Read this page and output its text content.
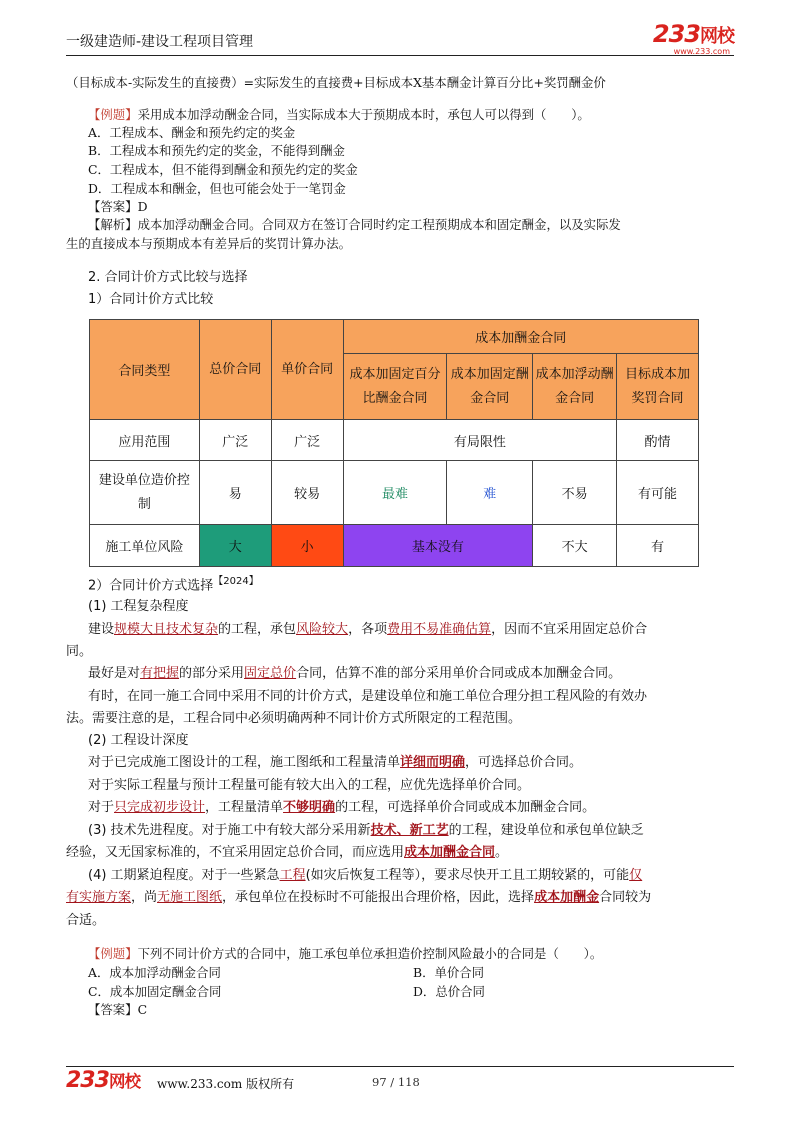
一级建造师-建设工程项目管理	233网校
www.233.com
（目标成本-实际发生的直接费）=实际发生的直接费+目标成本X基本酬金计算百分比+奖罚酬金价
【例题】采用成本加浮动酬金合同，当实际成本大于预期成本时，承包人可以得到（　　）。
A．工程成本、酬金和预先约定的奖金
B．工程成本和预先约定的奖金，不能得到酬金
C．工程成本，但不能得到酬金和预先约定的奖金
D．工程成本和酬金，但也可能会处于一笔罚金
【答案】D
【解析】成本加浮动酬金合同。合同双方在签订合同时约定工程预期成本和固定酬金，以及实际发
生的直接成本与预期成本有差异后的奖罚计算办法。
2. 合同计价方式比较与选择
1）合同计价方式比较
合同类型	总价合同	单价合同	成本加酬金合同			
			成本加固定百分比酬金合同	成本加固定酬金合同	成本加浮动酬金合同	目标成本加奖罚合同
应用范围	广泛	广泛	有局限性			酌情
建设单位造价控制	易	较易	最难	难	不易	有可能
施工单位风险	大	小	基本没有		不大	有
2）合同计价方式选择$^{【2024】}$
(1) 工程复杂程度
建设规模大且技术复杂的工程，承包风险较大，各项费用不易准确估算，因而不宜采用固定总价合
同。
最好是对有把握的部分采用固定总价合同，估算不准的部分采用单价合同或成本加酬金合同。
有时，在同一施工合同中采用不同的计价方式，是建设单位和施工单位合理分担工程风险的有效办
法。需要注意的是，工程合同中必须明确两种不同计价方式所限定的工程范围。
(2) 工程设计深度
对于已完成施工图设计的工程，施工图纸和工程量清单详细而明确，可选择总价合同。
对于实际工程量与预计工程量可能有较大出入的工程，应优先选择单价合同。
对于只完成初步设计，工程量清单不够明确的工程，可选择单价合同或成本加酬金合同。
(3) 技术先进程度。对于施工中有较大部分采用新技术、新工艺的工程，建设单位和承包单位缺乏
经验，又无国家标准的，不宜采用固定总价合同，而应选用成本加酬金合同。
(4) 工期紧迫程度。对于一些紧急工程(如灾后恢复工程等），要求尽快开工且工期较紧的，可能仅
有实施方案，尚无施工图纸，承包单位在投标时不可能报出合理价格，因此，选择成本加酬金合同较为
合适。
【例题】下列不同计价方式的合同中，施工承包单位承担造价控制风险最小的合同是（　　）。
A．成本加浮动酬金合同	B．单价合同
C．成本加固定酬金合同	D．总价合同
【答案】C
233网校 www.233.com 版权所有	97 / 118
